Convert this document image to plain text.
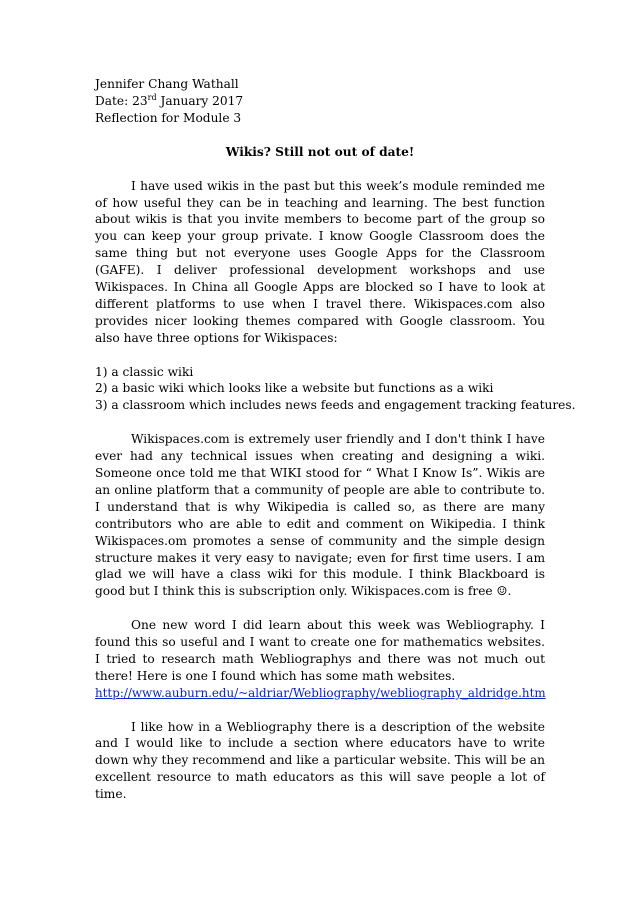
Jennifer Chang Wathall
Date: 23rd January 2017
Reflection for Module 3
Wikis? Still not out of date!

I have used wikis in the past but this week’s module reminded me of how useful they can be in teaching and learning. The best function about wikis is that you invite members to become part of the group so you can keep your group private. I know Google Classroom does the same thing but not everyone uses Google Apps for the Classroom (GAFE). I deliver professional development workshops and use Wikispaces. In China all Google Apps are blocked so I have to look at different platforms to use when I travel there. Wikispaces.com also provides nicer looking themes compared with Google classroom. You also have three options for Wikispaces:

1) a classic wiki
2) a basic wiki which looks like a website but functions as a wiki
3) a classroom which includes news feeds and engagement tracking features.

Wikispaces.com is extremely user friendly and I don't think I have ever had any technical issues when creating and designing a wiki. Someone once told me that WIKI stood for “ What I Know Is”. Wikis are an online platform that a community of people are able to contribute to. I understand that is why Wikipedia is called so, as there are many contributors who are able to edit and comment on Wikipedia. I think Wikispaces.om promotes a sense of community and the simple design structure makes it very easy to navigate; even for first time users. I am glad we will have a class wiki for this module. I think Blackboard is good but I think this is subscription only. Wikispaces.com is free ☺.

One new word I did learn about this week was Webliography. I found this so useful and I want to create one for mathematics websites. I tried to research math Webliographys and there was not much out there! Here is one I found which has some math websites.

http://www.auburn.edu/~aldriar/Webliography/webliography_aldridge.htm

I like how in a Webliography there is a description of the website and I would like to include a section where educators have to write down why they recommend and like a particular website. This will be an excellent resource to math educators as this will save people a lot of time.
